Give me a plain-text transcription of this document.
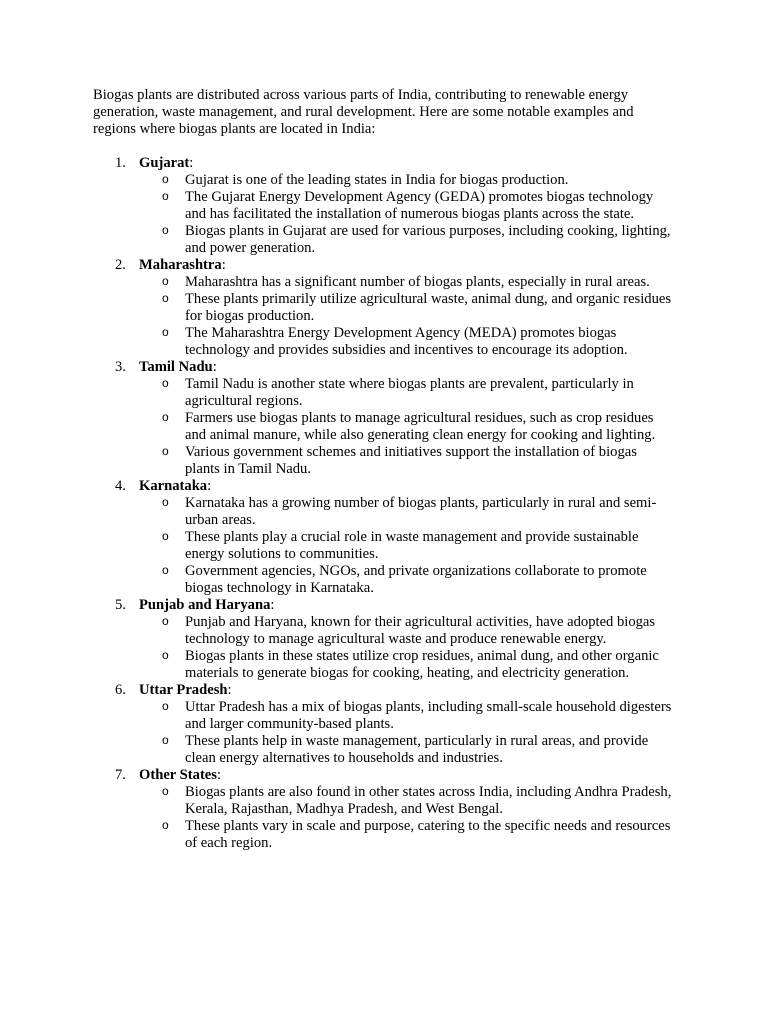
Biogas plants are distributed across various parts of India, contributing to renewable energy generation, waste management, and rural development. Here are some notable examples and regions where biogas plants are located in India:

1. Gujarat:
o Gujarat is one of the leading states in India for biogas production.
o The Gujarat Energy Development Agency (GEDA) promotes biogas technology and has facilitated the installation of numerous biogas plants across the state.
o Biogas plants in Gujarat are used for various purposes, including cooking, lighting, and power generation.
2. Maharashtra:
o Maharashtra has a significant number of biogas plants, especially in rural areas.
o These plants primarily utilize agricultural waste, animal dung, and organic residues for biogas production.
o The Maharashtra Energy Development Agency (MEDA) promotes biogas technology and provides subsidies and incentives to encourage its adoption.
3. Tamil Nadu:
o Tamil Nadu is another state where biogas plants are prevalent, particularly in agricultural regions.
o Farmers use biogas plants to manage agricultural residues, such as crop residues and animal manure, while also generating clean energy for cooking and lighting.
o Various government schemes and initiatives support the installation of biogas plants in Tamil Nadu.
4. Karnataka:
o Karnataka has a growing number of biogas plants, particularly in rural and semi-urban areas.
o These plants play a crucial role in waste management and provide sustainable energy solutions to communities.
o Government agencies, NGOs, and private organizations collaborate to promote biogas technology in Karnataka.
5. Punjab and Haryana:
o Punjab and Haryana, known for their agricultural activities, have adopted biogas technology to manage agricultural waste and produce renewable energy.
o Biogas plants in these states utilize crop residues, animal dung, and other organic materials to generate biogas for cooking, heating, and electricity generation.
6. Uttar Pradesh:
o Uttar Pradesh has a mix of biogas plants, including small-scale household digesters and larger community-based plants.
o These plants help in waste management, particularly in rural areas, and provide clean energy alternatives to households and industries.
7. Other States:
o Biogas plants are also found in other states across India, including Andhra Pradesh, Kerala, Rajasthan, Madhya Pradesh, and West Bengal.
o These plants vary in scale and purpose, catering to the specific needs and resources of each region.
